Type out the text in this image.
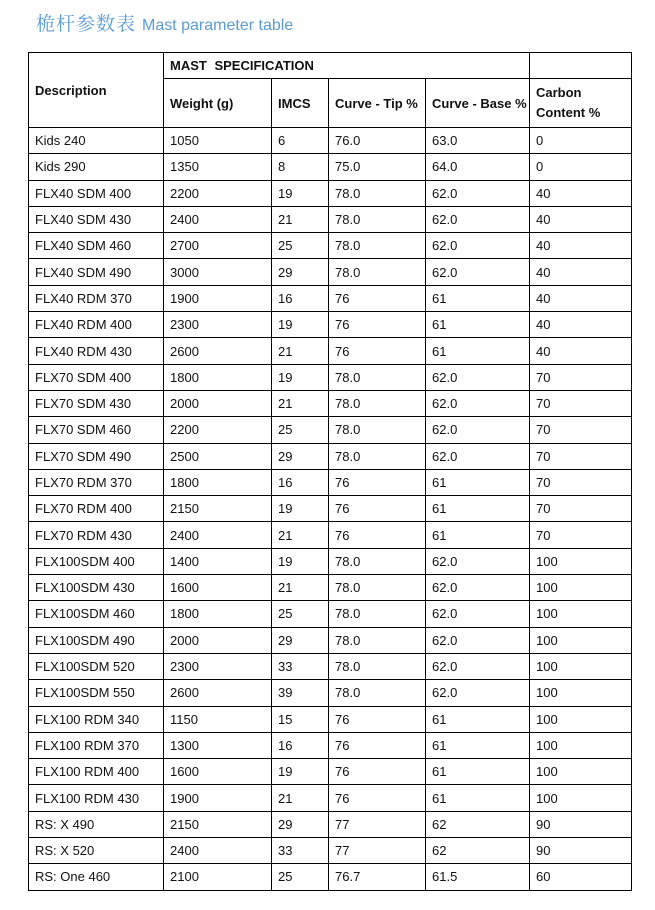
桅杆参数表 Mast parameter table
Description	MAST SPECIFICATION				
	Weight (g)	IMCS	Curve - Tip %	Curve - Base %	Carbon
Content %
Kids 240	1050	6	76.0	63.0	0
Kids 290	1350	8	75.0	64.0	0
FLX40 SDM 400	2200	19	78.0	62.0	40
FLX40 SDM 430	2400	21	78.0	62.0	40
FLX40 SDM 460	2700	25	78.0	62.0	40
FLX40 SDM 490	3000	29	78.0	62.0	40
FLX40 RDM 370	1900	16	76	61	40
FLX40 RDM 400	2300	19	76	61	40
FLX40 RDM 430	2600	21	76	61	40
FLX70 SDM 400	1800	19	78.0	62.0	70
FLX70 SDM 430	2000	21	78.0	62.0	70
FLX70 SDM 460	2200	25	78.0	62.0	70
FLX70 SDM 490	2500	29	78.0	62.0	70
FLX70 RDM 370	1800	16	76	61	70
FLX70 RDM 400	2150	19	76	61	70
FLX70 RDM 430	2400	21	76	61	70
FLX100SDM 400	1400	19	78.0	62.0	100
FLX100SDM 430	1600	21	78.0	62.0	100
FLX100SDM 460	1800	25	78.0	62.0	100
FLX100SDM 490	2000	29	78.0	62.0	100
FLX100SDM 520	2300	33	78.0	62.0	100
FLX100SDM 550	2600	39	78.0	62.0	100
FLX100 RDM 340	1150	15	76	61	100
FLX100 RDM 370	1300	16	76	61	100
FLX100 RDM 400	1600	19	76	61	100
FLX100 RDM 430	1900	21	76	61	100
RS: X 490	2150	29	77	62	90
RS: X 520	2400	33	77	62	90
RS: One 460	2100	25	76.7	61.5	60
